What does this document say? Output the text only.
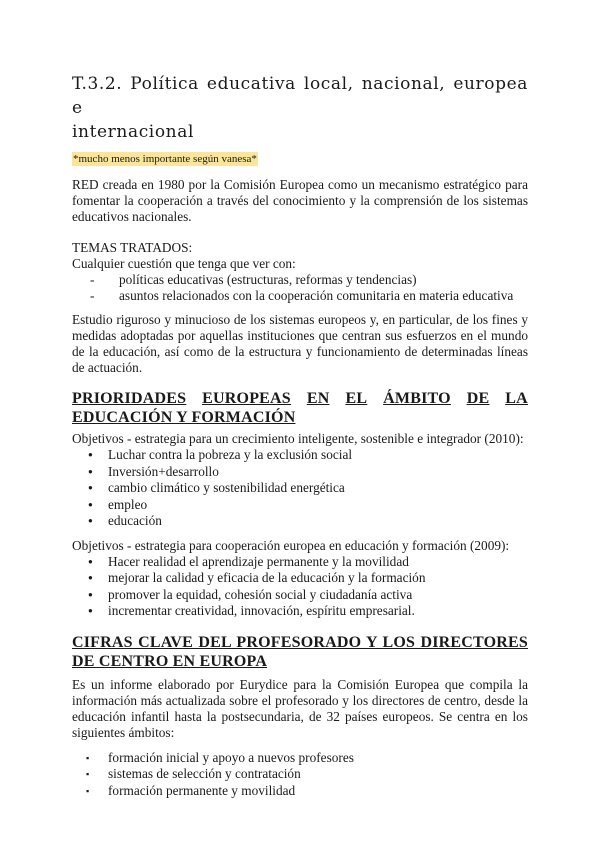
T.3.2. Política educativa local, nacional, europea e
internacional
*mucho menos importante según vanesa*

RED creada en 1980 por la Comisión Europea como un mecanismo estratégico para fomentar la cooperación a través del conocimiento y la comprensión de los sistemas educativos nacionales.

TEMAS TRATADOS:

Cualquier cuestión que tenga que ver con:

- políticas educativas (estructuras, reformas y tendencias)
- asuntos relacionados con la cooperación comunitaria en materia educativa

Estudio riguroso y minucioso de los sistemas europeos y, en particular, de los fines y medidas adoptadas por aquellas instituciones que centran sus esfuerzos en el mundo de la educación, así como de la estructura y funcionamiento de determinadas líneas de actuación.

PRIORIDADES EUROPEAS EN EL ÁMBITO DE LA
EDUCACIÓN Y FORMACIÓN

Objetivos - estrategia para un crecimiento inteligente, sostenible e integrador (2010):

● Luchar contra la pobreza y la exclusión social
● Inversión+desarrollo
● cambio climático y sostenibilidad energética
● empleo
● educación

Objetivos - estrategia para cooperación europea en educación y formación (2009):

● Hacer realidad el aprendizaje permanente y la movilidad
● mejorar la calidad y eficacia de la educación y la formación
● promover la equidad, cohesión social y ciudadanía activa
● incrementar creatividad, innovación, espíritu empresarial.
CIFRAS CLAVE DEL PROFESORADO Y LOS DIRECTORES DE CENTRO EN EUROPA

Es un informe elaborado por Eurydice para la Comisión Europea que compila la información más actualizada sobre el profesorado y los directores de centro, desde la educación infantil hasta la postsecundaria, de 32 países europeos. Se centra en los siguientes ámbitos:

▪ formación inicial y apoyo a nuevos profesores
▪ sistemas de selección y contratación
▪ formación permanente y movilidad
